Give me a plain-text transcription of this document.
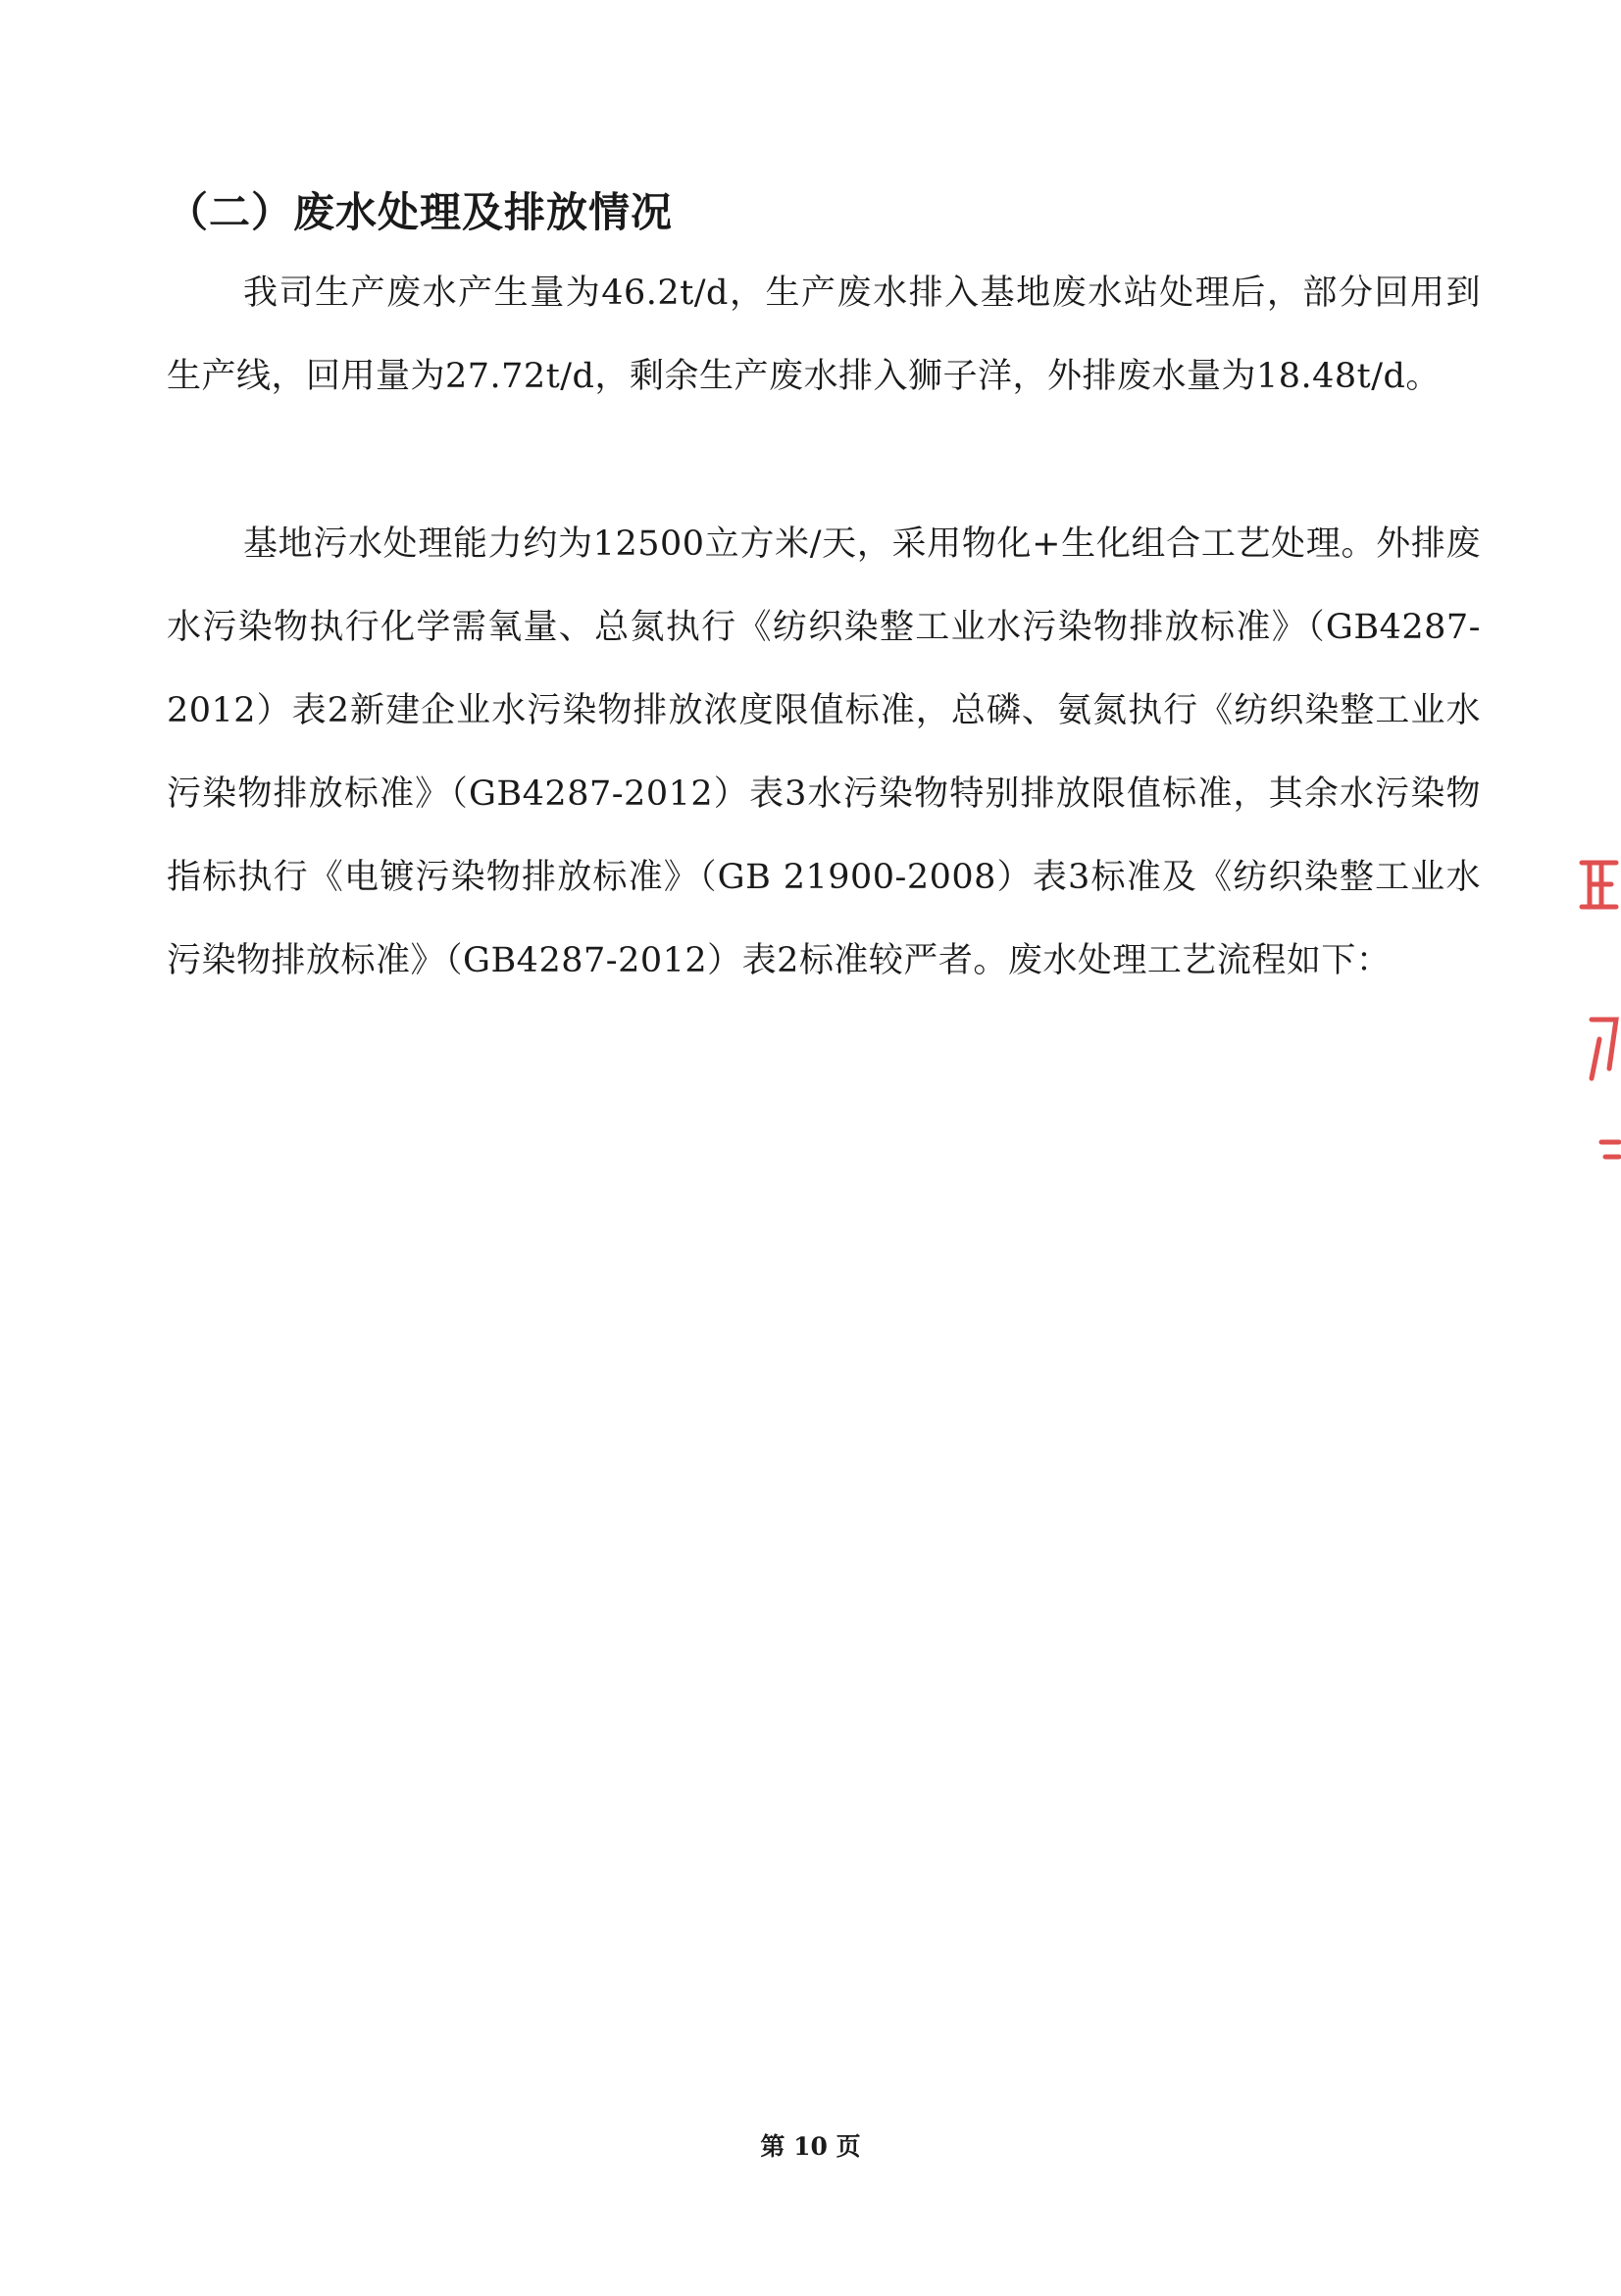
（二）废水处理及排放情况

我司生产废水产生量为46.2t/d，生产废水排入基地废水站处理后，部分回用到生产线，回用量为27.72t/d，剩余生产废水排入狮子洋，外排废水量为18.48t/d。

基地污水处理能力约为12500立方米/天，采用物化+生化组合工艺处理。外排废水污染物执行化学需氧量、总氮执行《纺织染整工业水污染物排放标准》（GB4287-2012）表2新建企业水污染物排放浓度限值标准，总磷、氨氮执行《纺织染整工业水污染物排放标准》（GB4287-2012）表3水污染物特别排放限值标准，其余水污染物指标执行《电镀污染物排放标准》（GB 21900-2008）表3标准及《纺织染整工业水污染物排放标准》（GB4287-2012）表2标准较严者。废水处理工艺流程如下：

第 10 页
